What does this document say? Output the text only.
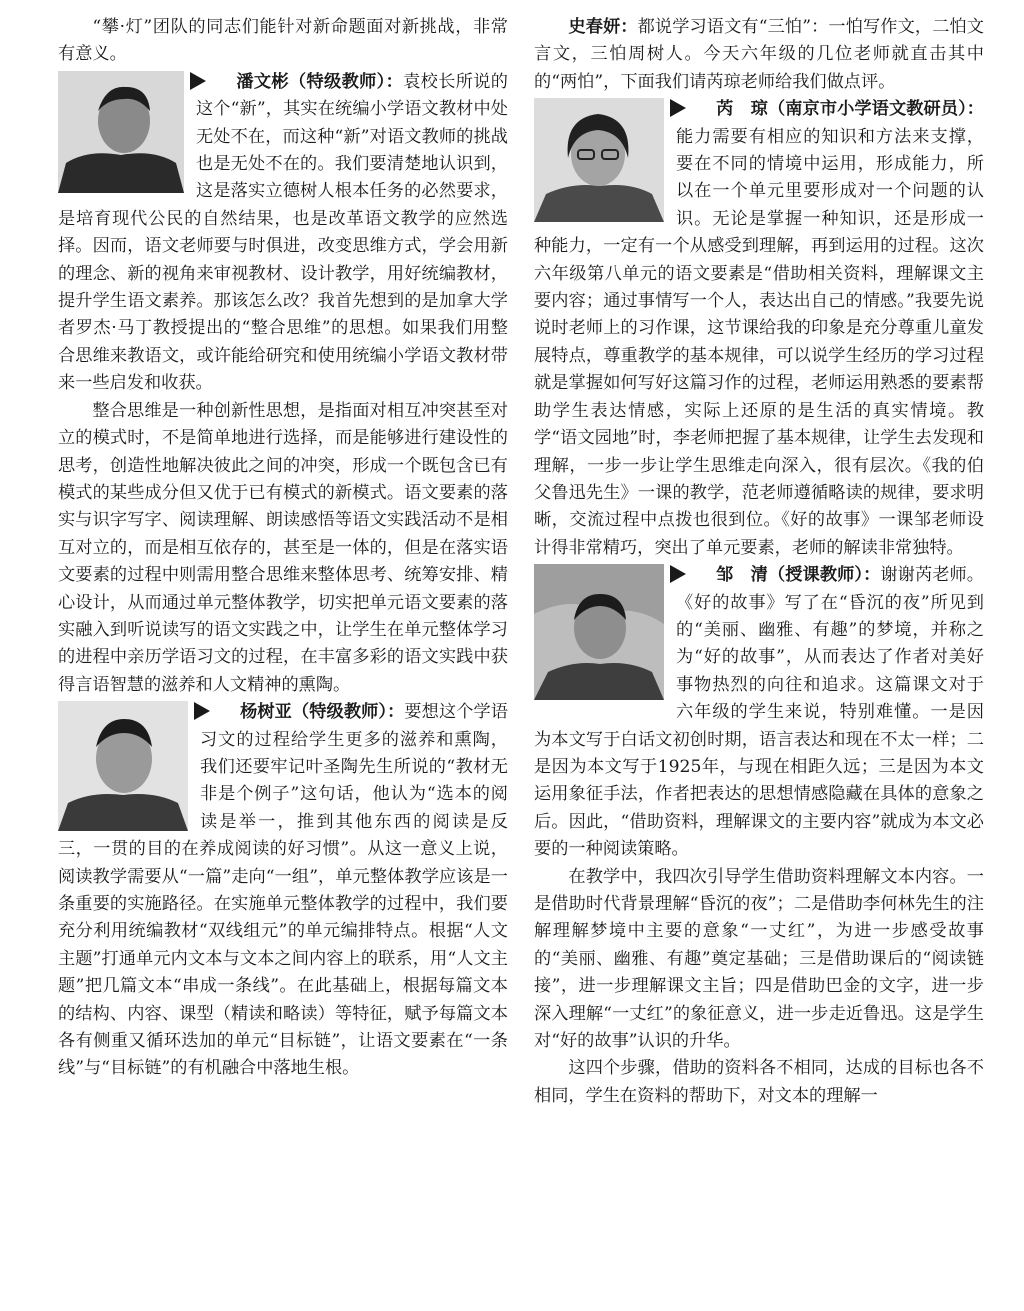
“攀·灯”团队的同志们能针对新命题面对新挑战，非常有意义。

潘文彬（特级教师）：袁校长所说的这个“新”，其实在统编小学语文教材中处无处不在，而这种“新”对语文教师的挑战也是无处不在的。我们要清楚地认识到，这是落实立德树人根本任务的必然要求，是培育现代公民的自然结果，也是改革语文教学的应然选择。因而，语文老师要与时俱进，改变思维方式，学会用新的理念、新的视角来审视教材、设计教学，用好统编教材，提升学生语文素养。那该怎么改？我首先想到的是加拿大学者罗杰·马丁教授提出的“整合思维”的思想。如果我们用整合思维来教语文，或许能给研究和使用统编小学语文教材带来一些启发和收获。

整合思维是一种创新性思想，是指面对相互冲突甚至对立的模式时，不是简单地进行选择，而是能够进行建设性的思考，创造性地解决彼此之间的冲突，形成一个既包含已有模式的某些成分但又优于已有模式的新模式。语文要素的落实与识字写字、阅读理解、朗读感悟等语文实践活动不是相互对立的，而是相互依存的，甚至是一体的，但是在落实语文要素的过程中则需用整合思维来整体思考、统筹安排、精心设计，从而通过单元整体教学，切实把单元语文要素的落实融入到听说读写的语文实践之中，让学生在单元整体学习的进程中亲历学语习文的过程，在丰富多彩的语文实践中获得言语智慧的滋养和人文精神的熏陶。

杨树亚（特级教师）：要想这个学语习文的过程给学生更多的滋养和熏陶，我们还要牢记叶圣陶先生所说的“教材无非是个例子”这句话，他认为“选本的阅读是举一，推到其他东西的阅读是反三，一贯的目的在养成阅读的好习惯”。从这一意义上说，阅读教学需要从“一篇”走向“一组”，单元整体教学应该是一条重要的实施路径。在实施单元整体教学的过程中，我们要充分利用统编教材“双线组元”的单元编排特点。根据“人文主题”打通单元内文本与文本之间内容上的联系，用“人文主题”把几篇文本“串成一条线”。在此基础上，根据每篇文本的结构、内容、课型（精读和略读）等特征，赋予每篇文本各有侧重又循环迭加的单元“目标链”，让语文要素在“一条线”与“目标链”的有机融合中落地生根。

史春妍：都说学习语文有“三怕”：一怕写作文，二怕文言文，三怕周树人。今天六年级的几位老师就直击其中的“两怕”，下面我们请芮琼老师给我们做点评。

芮　琼（南京市小学语文教研员）：能力需要有相应的知识和方法来支撑，要在不同的情境中运用，形成能力，所以在一个单元里要形成对一个问题的认识。无论是掌握一种知识，还是形成一种能力，一定有一个从感受到理解，再到运用的过程。这次六年级第八单元的语文要素是“借助相关资料，理解课文主要内容；通过事情写一个人，表达出自己的情感。”我要先说说时老师上的习作课，这节课给我的印象是充分尊重儿童发展特点，尊重教学的基本规律，可以说学生经历的学习过程就是掌握如何写好这篇习作的过程，老师运用熟悉的要素帮助学生表达情感，实际上还原的是生活的真实情境。教学“语文园地”时，李老师把握了基本规律，让学生去发现和理解，一步一步让学生思维走向深入，很有层次。《我的伯父鲁迅先生》一课的教学，范老师遵循略读的规律，要求明晰，交流过程中点拨也很到位。《好的故事》一课邹老师设计得非常精巧，突出了单元要素，老师的解读非常独特。

邹　清（授课教师）：谢谢芮老师。《好的故事》写了在“昏沉的夜”所见到的“美丽、幽雅、有趣”的梦境，并称之为“好的故事”，从而表达了作者对美好事物热烈的向往和追求。这篇课文对于六年级的学生来说，特别难懂。一是因为本文写于白话文初创时期，语言表达和现在不太一样；二是因为本文写于1925年，与现在相距久远；三是因为本文运用象征手法，作者把表达的思想情感隐藏在具体的意象之后。因此，“借助资料，理解课文的主要内容”就成为本文必要的一种阅读策略。

在教学中，我四次引导学生借助资料理解文本内容。一是借助时代背景理解“昏沉的夜”；二是借助李何林先生的注解理解梦境中主要的意象“一丈红”，为进一步感受故事的“美丽、幽雅、有趣”奠定基础；三是借助课后的“阅读链接”，进一步理解课文主旨；四是借助巴金的文字，进一步深入理解“一丈红”的象征意义，进一步走近鲁迅。这是学生对“好的故事”认识的升华。

这四个步骤，借助的资料各不相同，达成的目标也各不相同，学生在资料的帮助下，对文本的理解一
